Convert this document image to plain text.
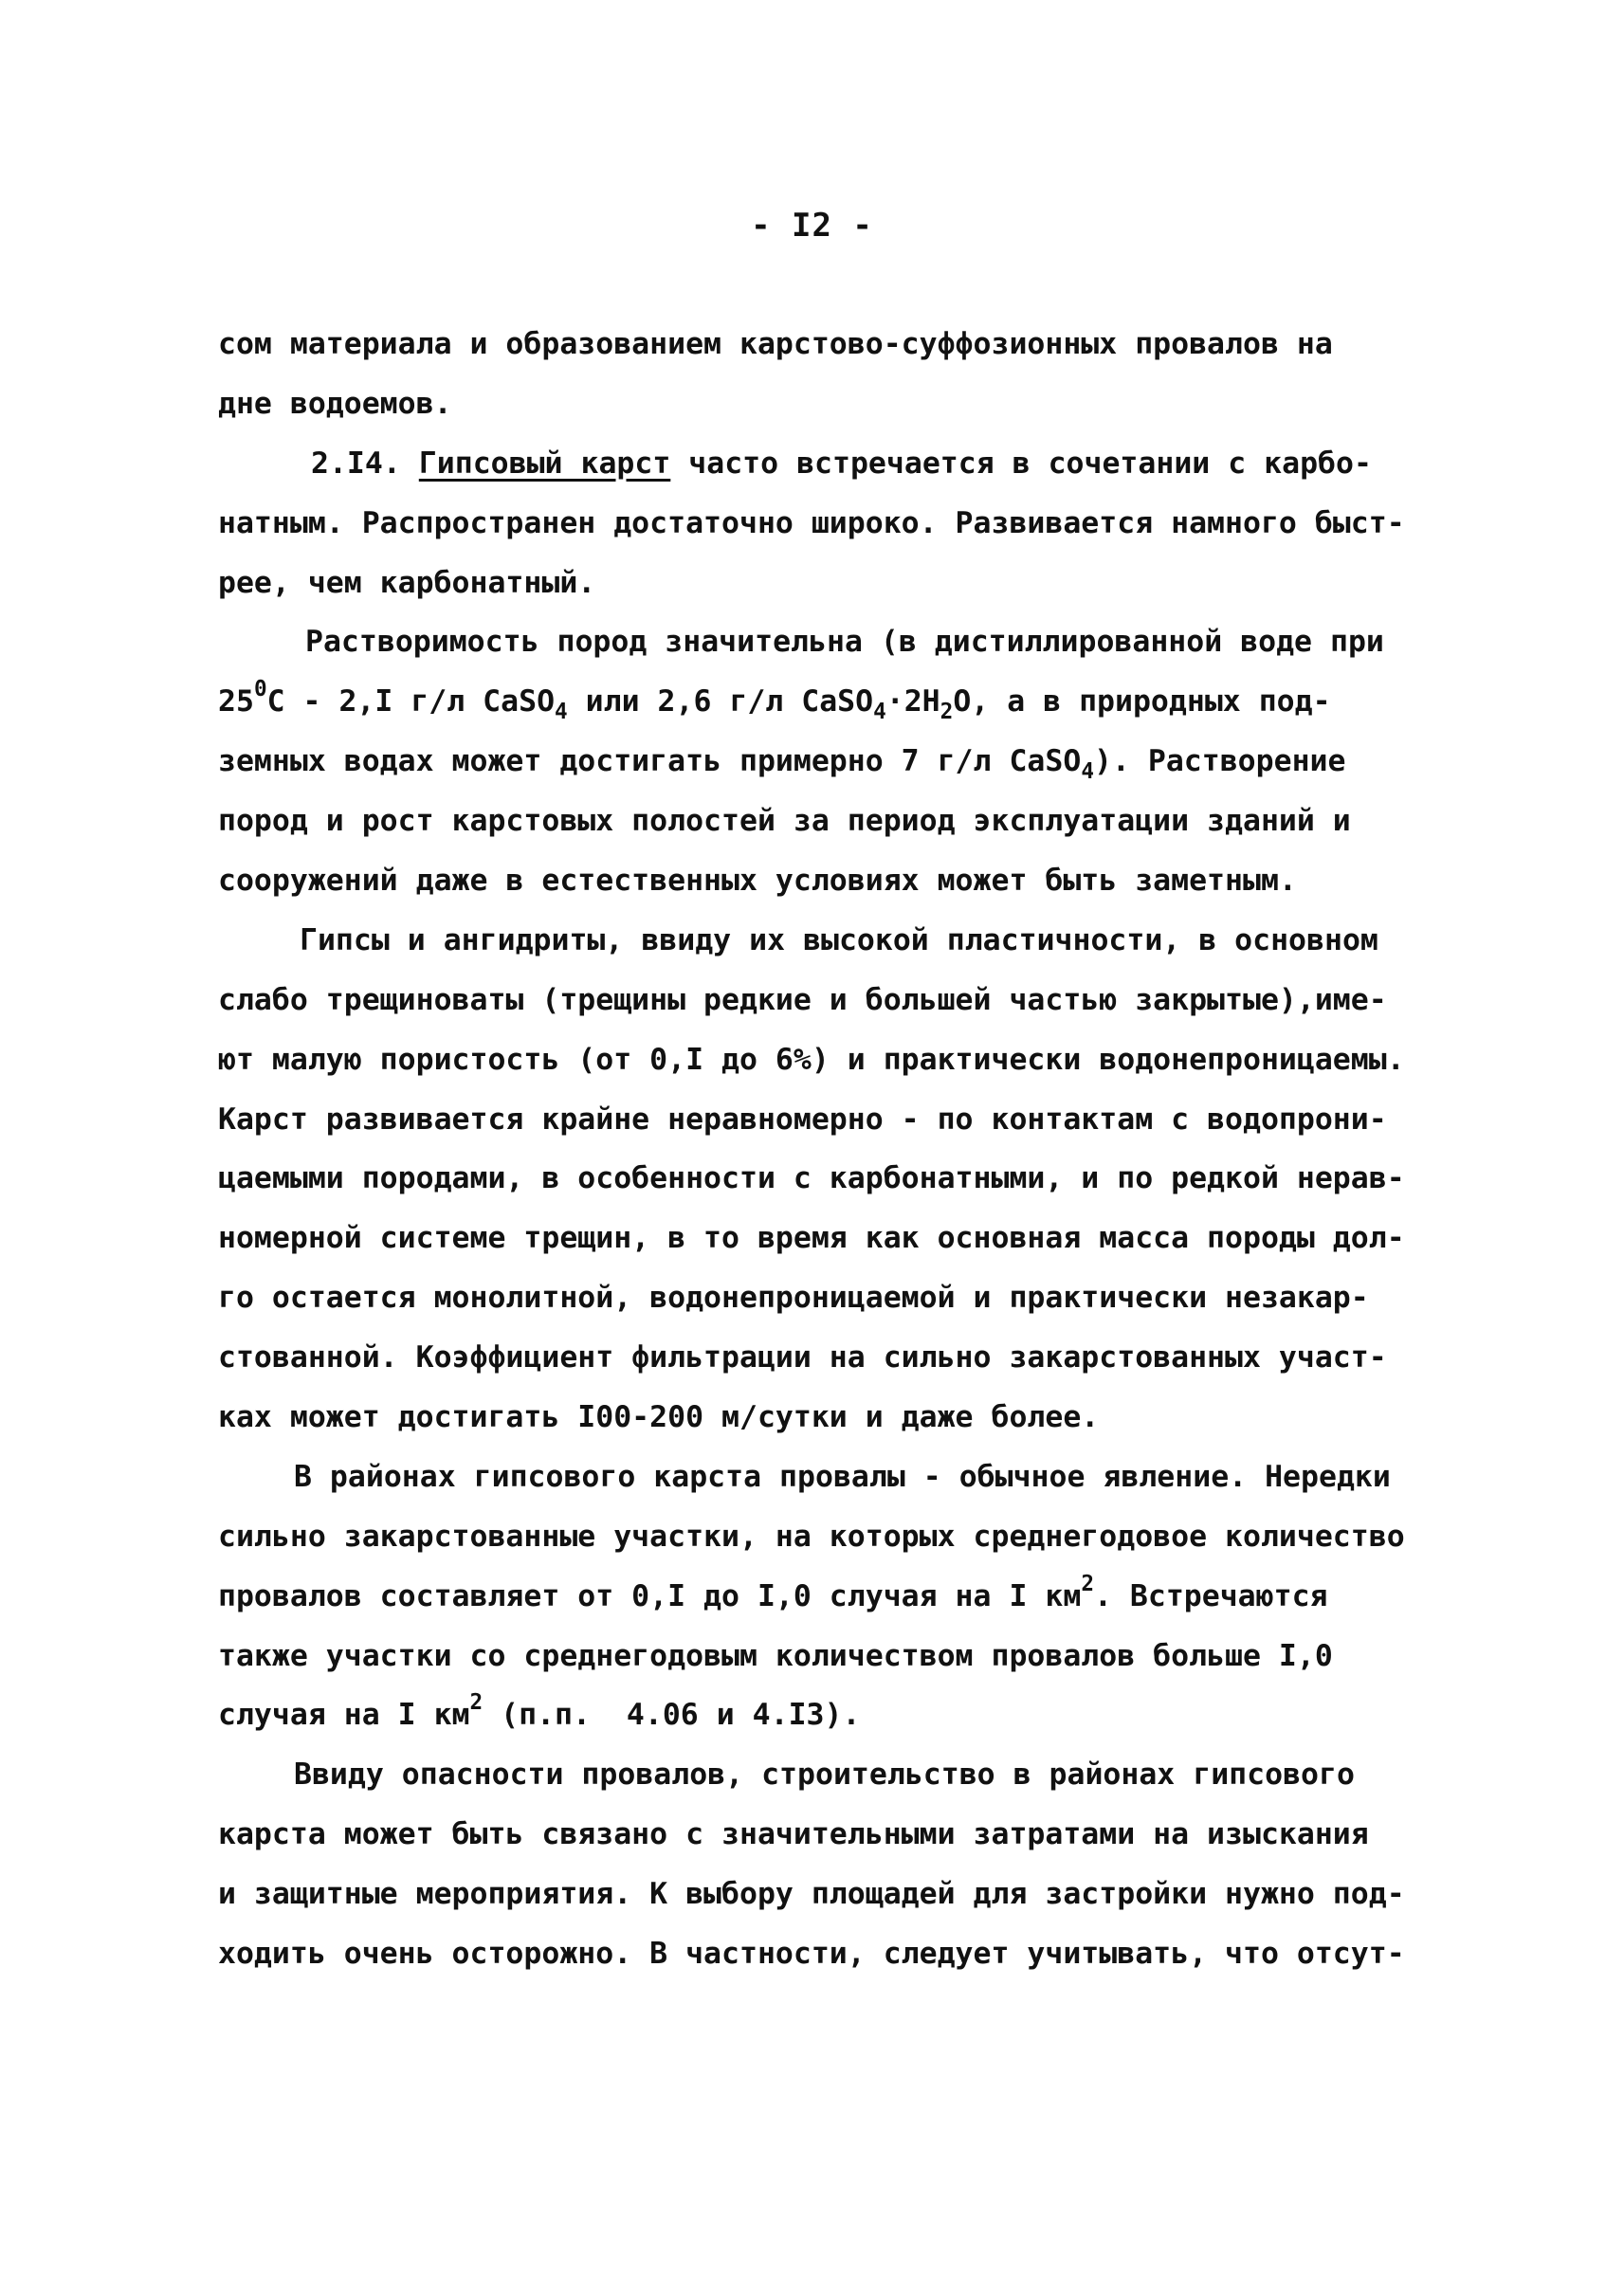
- I2 -
сом материала и образованием карстово-суффозионных провалов на
дне водоемов.
2.I4. Гипсовый карст часто встречается в сочетании с карбо-
натным. Распространен достаточно широко. Развивается намного быст-
рее, чем карбонатный.
Растворимость пород значительна (в дистиллированной воде при
$25^0С - 2,I$ г/л CaSO$_4$ или 2,6 г/л $CaSO_4\cdot 2H_2O$, а в природных под-
земных водах может достигать примерно 7 г/л CaSO$_4$). Растворение
пород и рост карстовых полостей за период эксплуатации зданий и
сооружений даже в естественных условиях может быть заметным.
Гипсы и ангидриты, ввиду их высокой пластичности, в основном
слабо трещиноваты (трещины редкие и большей частью закрытые),име-
ют малую пористость (от 0,I до 6%) и практически водонепроницаемы.
Карст развивается крайне неравномерно - по контактам с водопрони-
цаемыми породами, в особенности с карбонатными, и по редкой нерав-
номерной системе трещин, в то время как основная масса породы дол-
го остается монолитной, водонепроницаемой и практически незакар-
стованной. Коэффициент фильтрации на сильно закарстованных участ-
ках может достигать I00-200 м/сутки и даже более.
В районах гипсового карста провалы - обычное явление. Нередки
сильно закарстованные участки, на которых среднегодовое количество
провалов составляет от 0,I до I,0 случая на I $км^2$. Встречаются
также участки со среднегодовым количеством провалов больше I,0
случая на I $км^2$ (п.п.  4.06 и 4.I3).
Ввиду опасности провалов, строительство в районах гипсового
карста может быть связано с значительными затратами на изыскания
и защитные мероприятия. К выбору площадей для застройки нужно под-
ходить очень осторожно. В частности, следует учитывать, что отсут-
